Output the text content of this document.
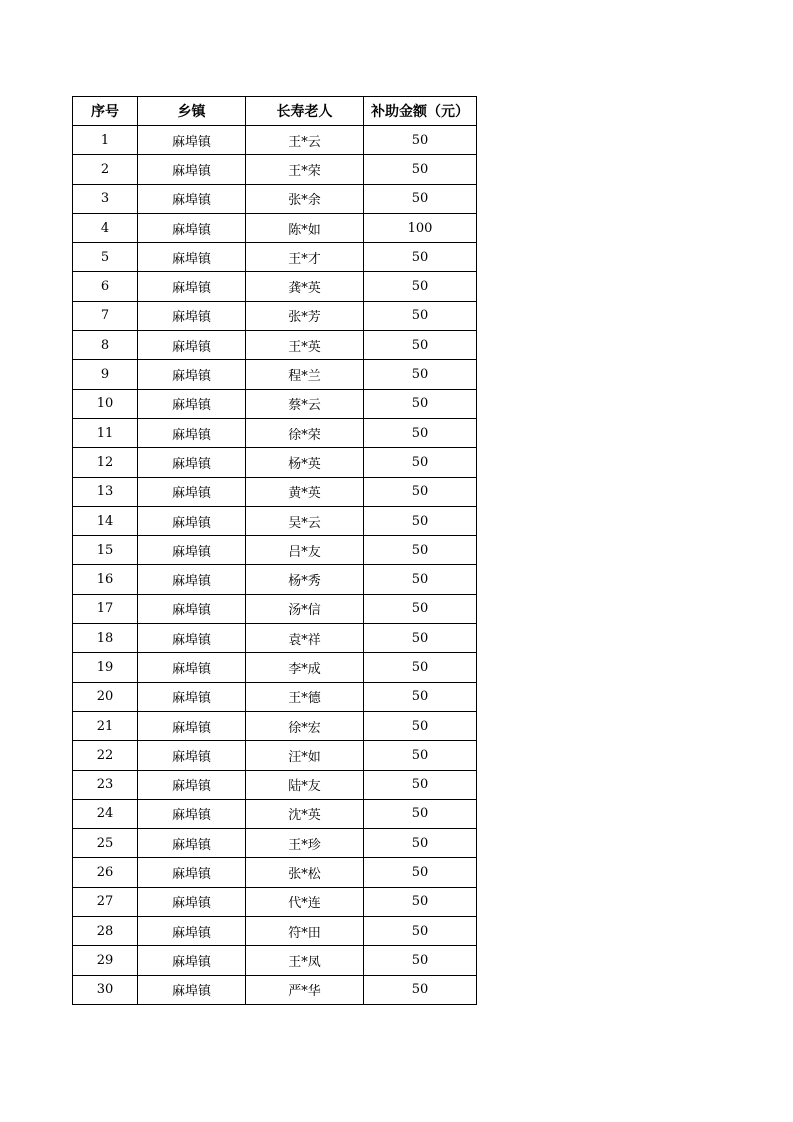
序号	乡镇	长寿老人	补助金额（元）
1	麻埠镇	王*云	50
2	麻埠镇	王*荣	50
3	麻埠镇	张*余	50
4	麻埠镇	陈*如	100
5	麻埠镇	王*才	50
6	麻埠镇	龚*英	50
7	麻埠镇	张*芳	50
8	麻埠镇	王*英	50
9	麻埠镇	程*兰	50
10	麻埠镇	蔡*云	50
11	麻埠镇	徐*荣	50
12	麻埠镇	杨*英	50
13	麻埠镇	黄*英	50
14	麻埠镇	吴*云	50
15	麻埠镇	吕*友	50
16	麻埠镇	杨*秀	50
17	麻埠镇	汤*信	50
18	麻埠镇	袁*祥	50
19	麻埠镇	李*成	50
20	麻埠镇	王*德	50
21	麻埠镇	徐*宏	50
22	麻埠镇	汪*如	50
23	麻埠镇	陆*友	50
24	麻埠镇	沈*英	50
25	麻埠镇	王*珍	50
26	麻埠镇	张*松	50
27	麻埠镇	代*连	50
28	麻埠镇	符*田	50
29	麻埠镇	王*凤	50
30	麻埠镇	严*华	50
